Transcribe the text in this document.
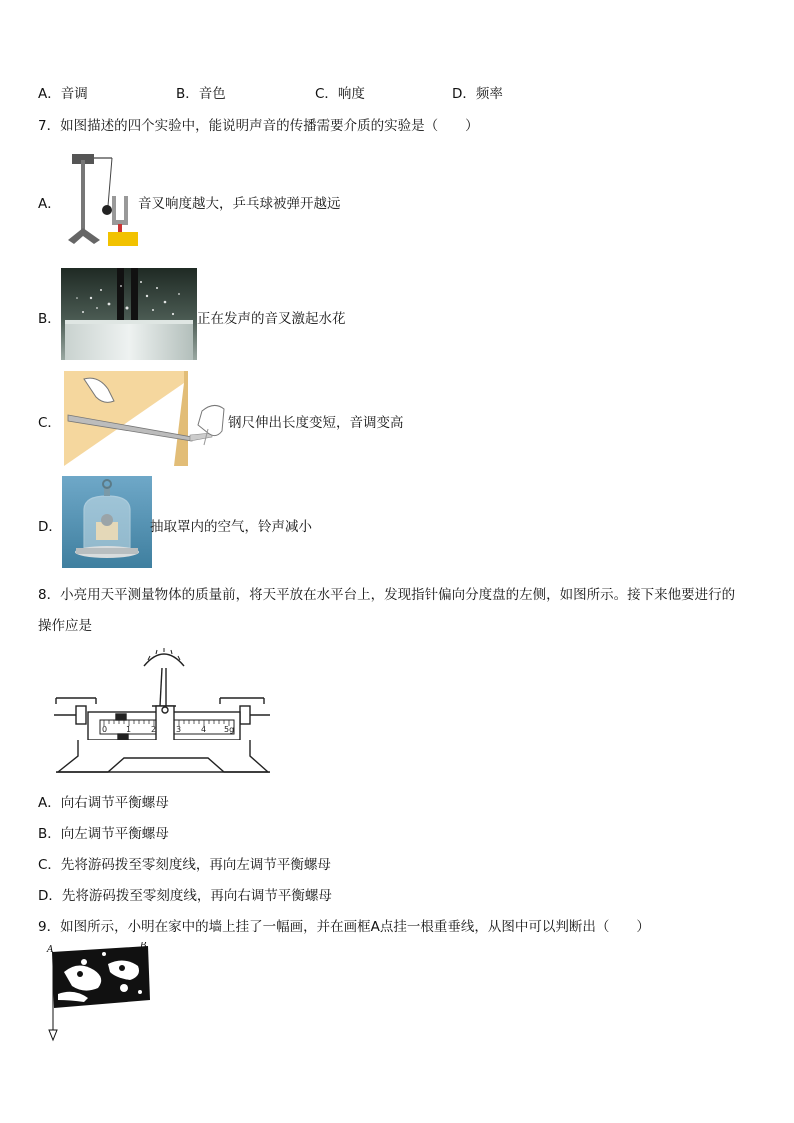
A．音调	B．音色	C．响度	D．频率
7．如图描述的四个实验中，能说明声音的传播需要介质的实验是（　　）
A．	音叉响度越大，乒乓球被弹开越远
B．	正在发声的音叉激起水花
C．	钢尺伸出长度变短，音调变高
D．	抽取罩内的空气，铃声减小
8．小亮用天平测量物体的质量前，将天平放在水平台上，发现指针偏向分度盘的左侧，如图所示。接下来他要进行的
操作应是
0 1 2 3 4 5g
A．向右调节平衡螺母
B．向左调节平衡螺母
C．先将游码拨至零刻度线，再向左调节平衡螺母
D．先将游码拨至零刻度线，再向右调节平衡螺母
9．如图所示，小明在家中的墙上挂了一幅画，并在画框A点挂一根重垂线，从图中可以判断出（　　）
A	B
